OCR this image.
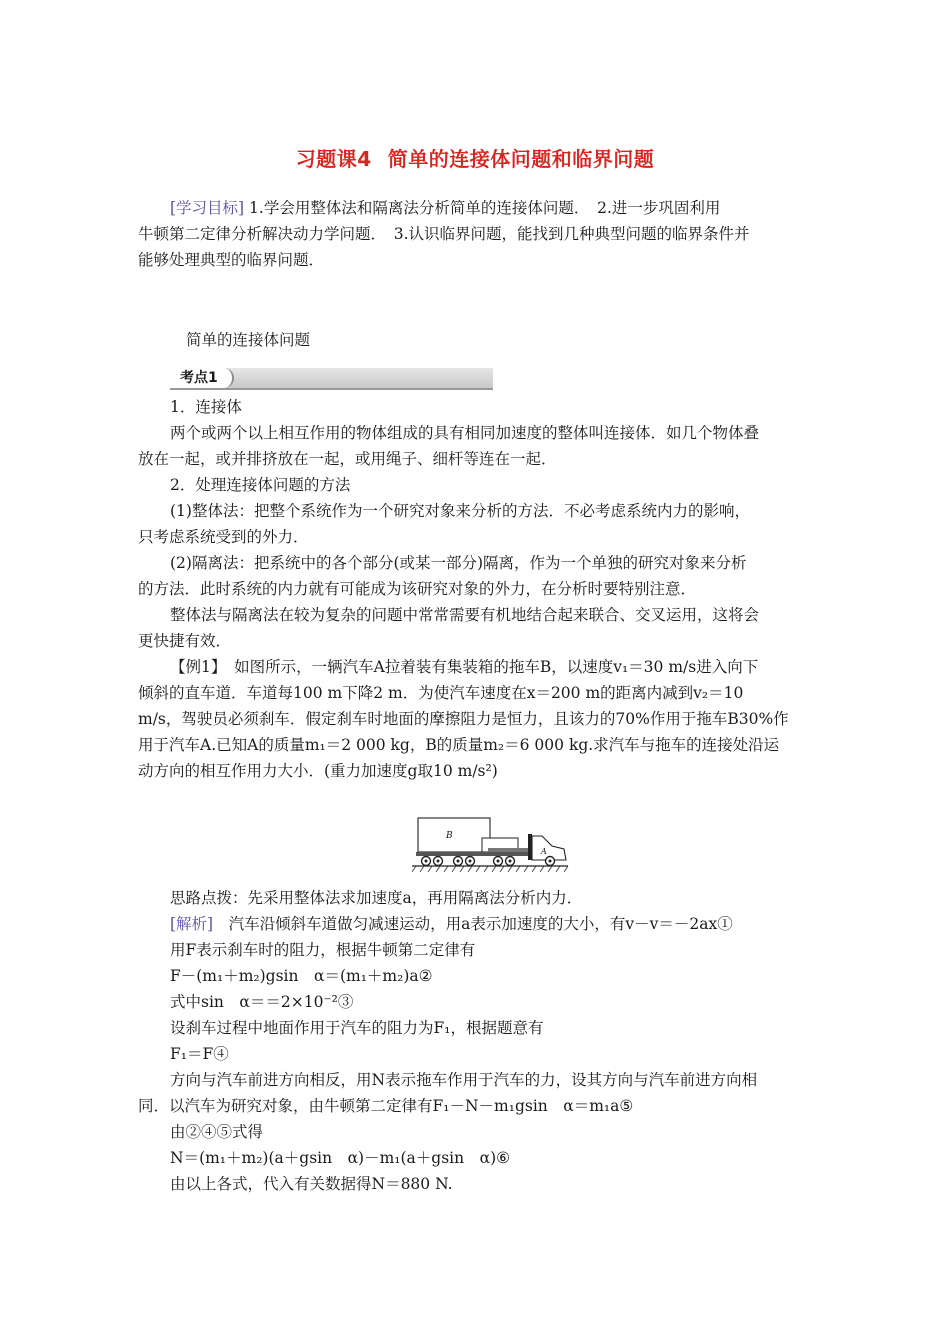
习题课4 简单的连接体问题和临界问题

[学习目标] 1.学会用整体法和隔离法分析简单的连接体问题．　2.进一步巩固利用

牛顿第二定律分析解决动力学问题．　3.认识临界问题，能找到几种典型问题的临界条件并

能够处理典型的临界问题．

简单的连接体问题
考点1

1．连接体

两个或两个以上相互作用的物体组成的具有相同加速度的整体叫连接体．如几个物体叠

放在一起，或并排挤放在一起，或用绳子、细杆等连在一起．

2．处理连接体问题的方法

(1)整体法：把整个系统作为一个研究对象来分析的方法．不必考虑系统内力的影响，

只考虑系统受到的外力．

(2)隔离法：把系统中的各个部分(或某一部分)隔离，作为一个单独的研究对象来分析

的方法．此时系统的内力就有可能成为该研究对象的外力，在分析时要特别注意．

整体法与隔离法在较为复杂的问题中常常需要有机地结合起来联合、交叉运用，这将会

更快捷有效．

【例1】　如图所示，一辆汽车A拉着装有集装箱的拖车B，以速度v₁＝30 m/s进入向下

倾斜的直车道．车道每100 m下降2 m．为使汽车速度在x＝200 m的距离内减到v₂＝10

m/s，驾驶员必须刹车．假定刹车时地面的摩擦阻力是恒力，且该力的70%作用于拖车B30%作

用于汽车A.已知A的质量m₁＝2 000 kg，B的质量m₂＝6 000 kg.求汽车与拖车的连接处沿运

动方向的相互作用力大小．(重力加速度g取10 m/s²)

B
A

思路点拨：先采用整体法求加速度a，再用隔离法分析内力．

[解析]　汽车沿倾斜车道做匀减速运动，用a表示加速度的大小，有v－v＝－2ax①

用F表示刹车时的阻力，根据牛顿第二定律有

F－(m₁＋m₂)gsin　α＝(m₁＋m₂)a②

式中sin　α＝＝2×10⁻²③

设刹车过程中地面作用于汽车的阻力为F₁，根据题意有

F₁＝F④

方向与汽车前进方向相反，用N表示拖车作用于汽车的力，设其方向与汽车前进方向相

同．以汽车为研究对象，由牛顿第二定律有F₁－N－m₁gsin　α＝m₁a⑤

由②④⑤式得

N＝(m₁＋m₂)(a＋gsin　α)－m₁(a＋gsin　α)⑥

由以上各式，代入有关数据得N＝880 N.
